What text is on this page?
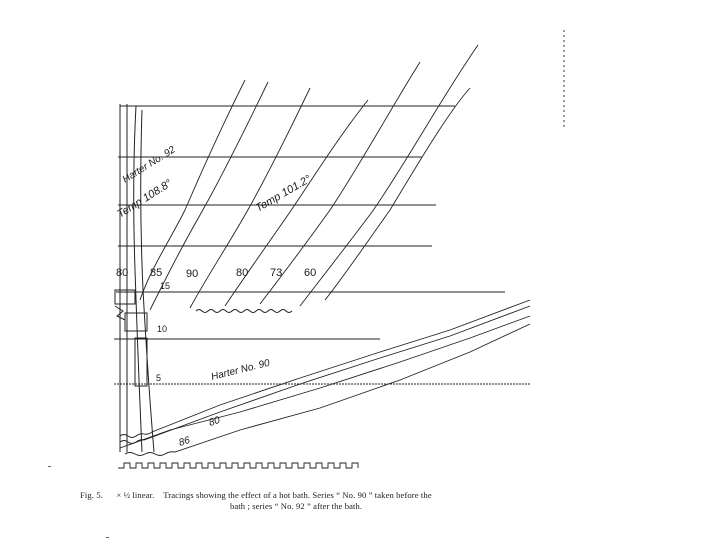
Harter No. 92
Temp 108.8°	Temp 101.2°
Harter No. 90
80 85 90	80 73 60
15
10
5
80
86
Fig. 5. × ½ linear. Tracings showing the effect of a hot bath. Series “ No. 90 ” taken before the
bath ; series “ No. 92 ” after the bath.
